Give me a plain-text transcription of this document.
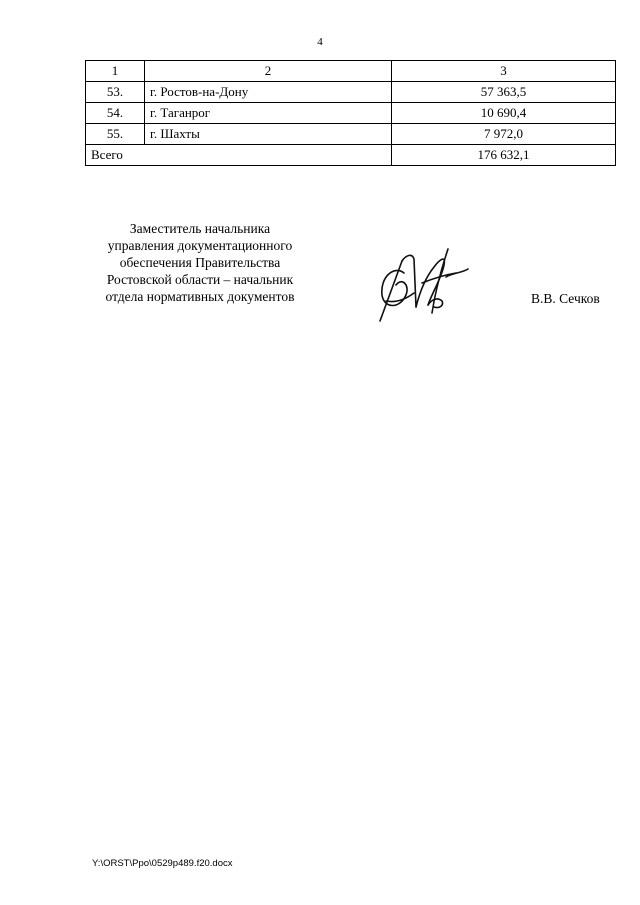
4
1	2	3
53.	г. Ростов-на-Дону	57 363,5
54.	г. Таганрог	10 690,4
55.	г. Шахты	7 972,0
Всего		176 632,1
Заместитель начальника
управления документационного
обеспечения Правительства
Ростовской области – начальник
отдела нормативных документов	В.В. Сечков
Y:\ORST\Ppo\0529p489.f20.docx
